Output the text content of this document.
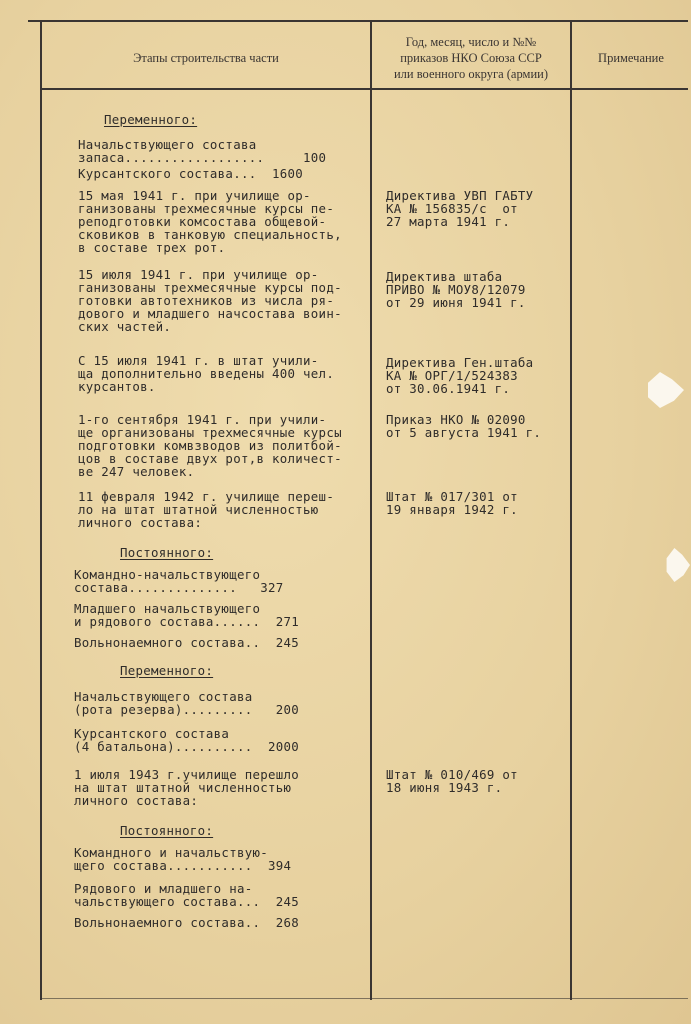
Этапы строительства части
Год, месяц, число и №№
приказов НКО Союза ССР
или военного округа (армии)
Примечание
Переменного:
Начальствующего состава
запаса..................     100
Курсантского состава...  1600
15 мая 1941 г. при училище ор-
ганизованы трехмесячные курсы пе-
реподготовки комсостава общевой-
сковиков в танковую специальность,
в составе трех рот.
15 июля 1941 г. при училище ор-
ганизованы трехмесячные курсы под-
готовки автотехников из числа ря-
дового и младшего начсостава воин-
ских частей.
С 15 июля 1941 г. в штат учили-
ща дополнительно введены 400 чел.
курсантов.
1-го сентября 1941 г. при учили-
ще организованы трехмесячные курсы
подготовки комвзводов из политбой-
цов в составе двух рот,в количест-
ве 247 человек.
11 февраля 1942 г. училище переш-
ло на штат штатной численностью
личного состава:
Постоянного:
Командно-начальствующего
состава..............   327
Младшего начальствующего
и рядового состава......  271
Вольнонаемного состава..  245
Переменного:
Начальствующего состава
(рота резерва).........   200
Курсантского состава
(4 батальона)..........  2000
1 июля 1943 г.училище перешло
на штат штатной численностью
личного состава:
Постоянного:
Командного и начальствую-
щего состава...........  394
Рядового и младшего на-
чальствующего состава...  245
Вольнонаемного состава..  268
Директива УВП ГАБТУ
КА № 156835/с  от
27 марта 1941 г.
Директива штаба
ПРИВО № МОУ8/12079
от 29 июня 1941 г.
Директива Ген.штаба
КА № ОРГ/1/524383
от 30.06.1941 г.
Приказ НКО № 02090
от 5 августа 1941 г.
Штат № 017/301 от
19 января 1942 г.
Штат № 010/469 от
18 июня 1943 г.
